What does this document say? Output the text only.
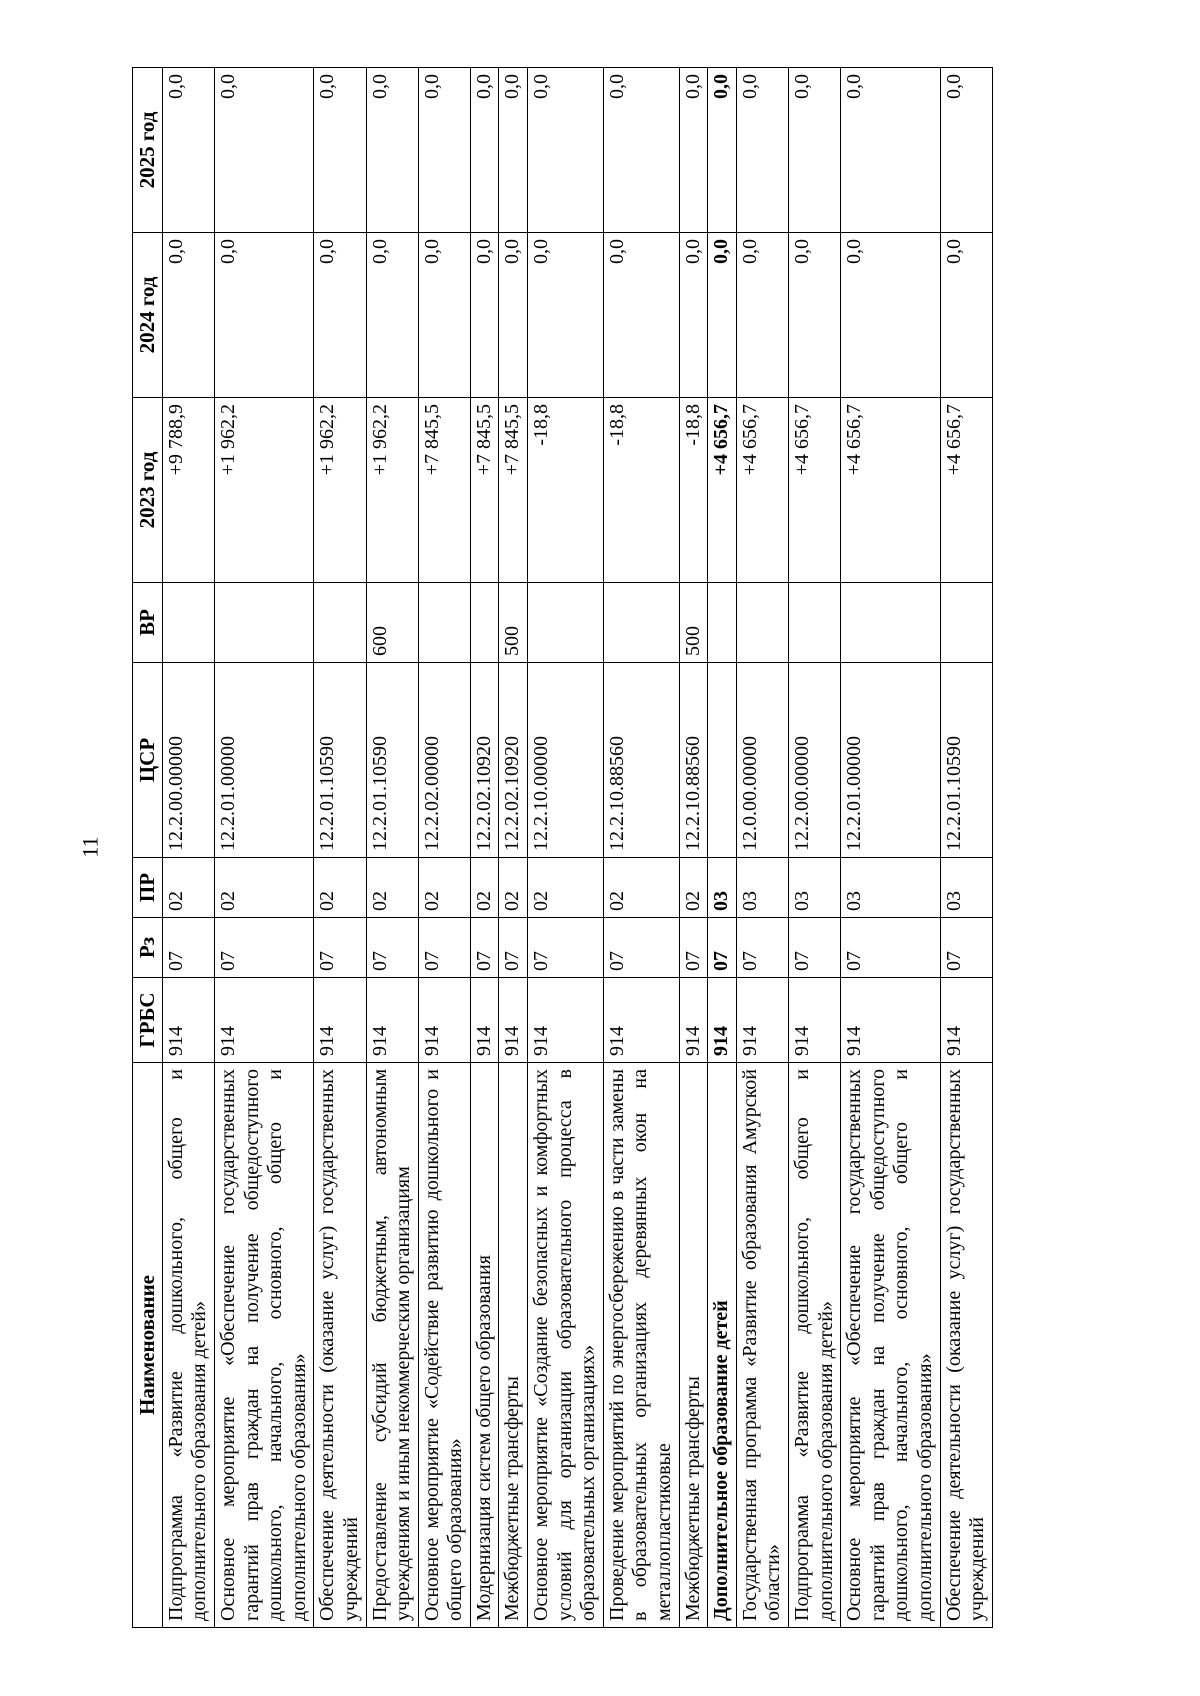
11
Наименование	ГРБС	Рз	ПР	ЦСР	ВР	2023 год	2024 год	2025 год
Подпрограмма «Развитие дошкольного, общего и дополнительного образования детей»	914	07	02	12.2.00.00000		+9 788,9	0,0	0,0
Основное мероприятие «Обеспечение государственных гарантий прав граждан на получение общедоступного дошкольного, начального, основного, общего и дополнительного образования»	914	07	02	12.2.01.00000		+1 962,2	0,0	0,0
Обеспечение деятельности (оказание услуг) государственных учреждений	914	07	02	12.2.01.10590		+1 962,2	0,0	0,0
Предоставление субсидий бюджетным, автономным учреждениям и иным некоммерческим организациям	914	07	02	12.2.01.10590	600	+1 962,2	0,0	0,0
Основное мероприятие «Содействие развитию дошкольного и общего образования»	914	07	02	12.2.02.00000		+7 845,5	0,0	0,0
Модернизация систем общего образования	914	07	02	12.2.02.10920		+7 845,5	0,0	0,0
Межбюджетные трансферты	914	07	02	12.2.02.10920	500	+7 845,5	0,0	0,0
Основное мероприятие «Создание безопасных и комфортных условий для организации образовательного процесса в образовательных организациях»	914	07	02	12.2.10.00000		-18,8	0,0	0,0
Проведение мероприятий по энергосбережению в части замены в образовательных организациях деревянных окон на металлопластиковые	914	07	02	12.2.10.88560		-18,8	0,0	0,0
Межбюджетные трансферты	914	07	02	12.2.10.88560	500	-18,8	0,0	0,0
Дополнительное образование детей	914	07	03			+4 656,7	0,0	0,0
Государственная программа «Развитие образования Амурской области»	914	07	03	12.0.00.00000		+4 656,7	0,0	0,0
Подпрограмма «Развитие дошкольного, общего и дополнительного образования детей»	914	07	03	12.2.00.00000		+4 656,7	0,0	0,0
Основное мероприятие «Обеспечение государственных гарантий прав граждан на получение общедоступного дошкольного, начального, основного, общего и дополнительного образования»	914	07	03	12.2.01.00000		+4 656,7	0,0	0,0
Обеспечение деятельности (оказание услуг) государственных учреждений	914	07	03	12.2.01.10590		+4 656,7	0,0	0,0
